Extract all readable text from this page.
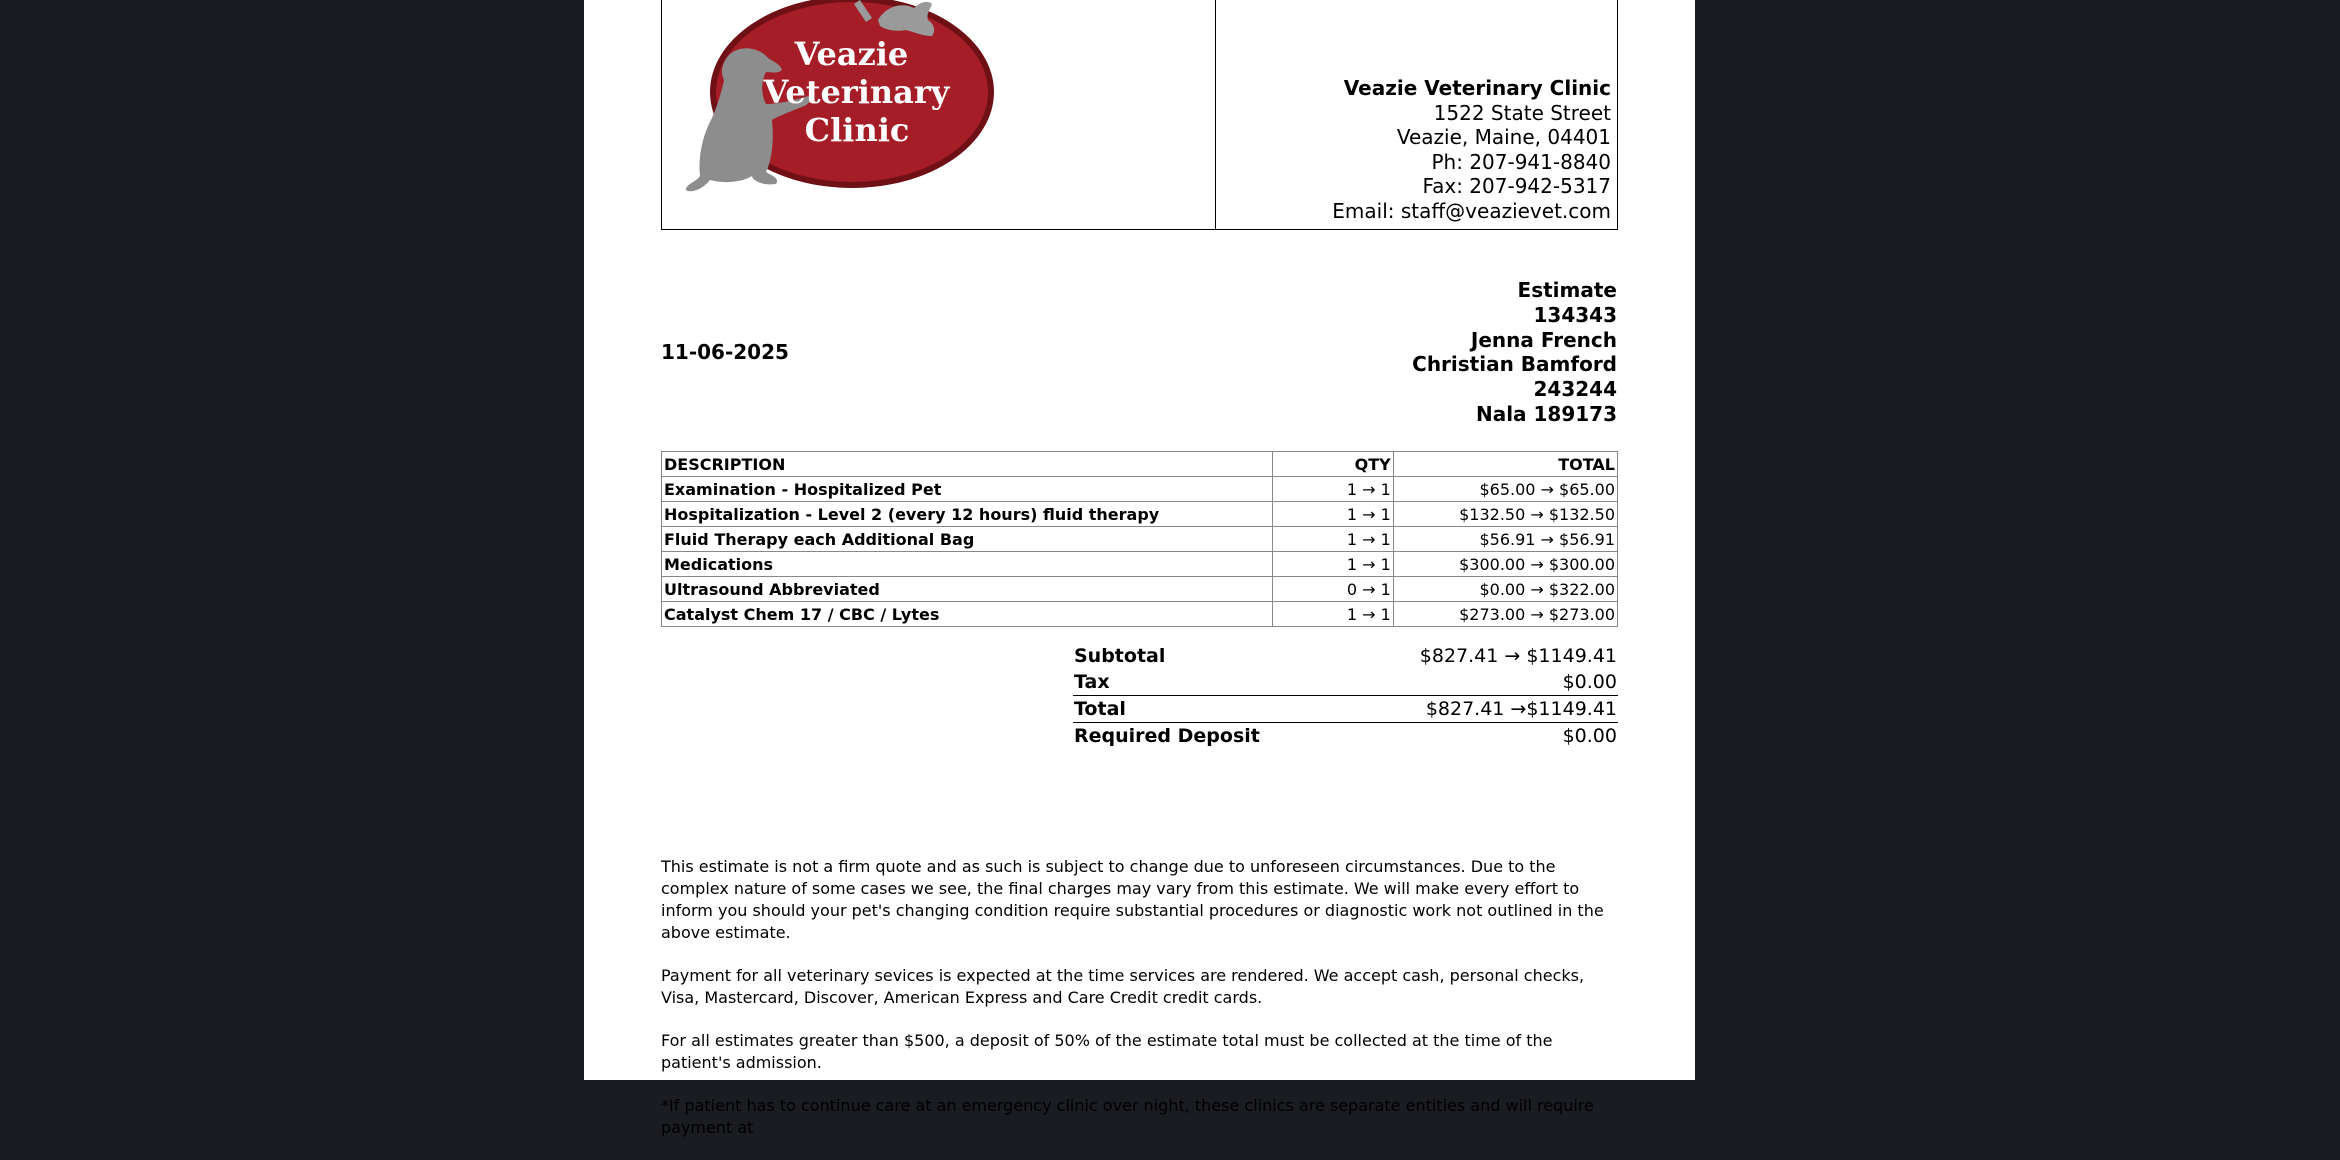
Veazie Veterinary Clinic
Veazie Veterinary Clinic
1522 State Street
Veazie, Maine, 04401
Ph: 207-941-8840
Fax: 207-942-5317
Email: staff@veazievet.com
11-06-2025
Estimate
134343
Jenna French
Christian Bamford
243244
Nala 189173
DESCRIPTION	QTY	TOTAL
Examination - Hospitalized Pet	1 → 1	$65.00 → $65.00
Hospitalization - Level 2 (every 12 hours) fluid therapy	1 → 1	$132.50 → $132.50
Fluid Therapy each Additional Bag	1 → 1	$56.91 → $56.91
Medications	1 → 1	$300.00 → $300.00
Ultrasound Abbreviated	0 → 1	$0.00 → $322.00
Catalyst Chem 17 / CBC / Lytes	1 → 1	$273.00 → $273.00
Subtotal	$827.41 → $1149.41
Tax	$0.00
Total	$827.41 →$1149.41
Required Deposit	$0.00

This estimate is not a firm quote and as such is subject to change due to unforeseen circumstances. Due to the complex nature of some cases we see, the final charges may vary from this estimate. We will make every effort to inform you should your pet's changing condition require substantial procedures or diagnostic work not outlined in the above estimate.

Payment for all veterinary sevices is expected at the time services are rendered. We accept cash, personal checks, Visa, Mastercard, Discover, American Express and Care Credit credit cards.

For all estimates greater than $500, a deposit of 50% of the estimate total must be collected at the time of the patient's admission.

*If patient has to continue care at an emergency clinic over night, these clinics are separate entities and will require payment at
